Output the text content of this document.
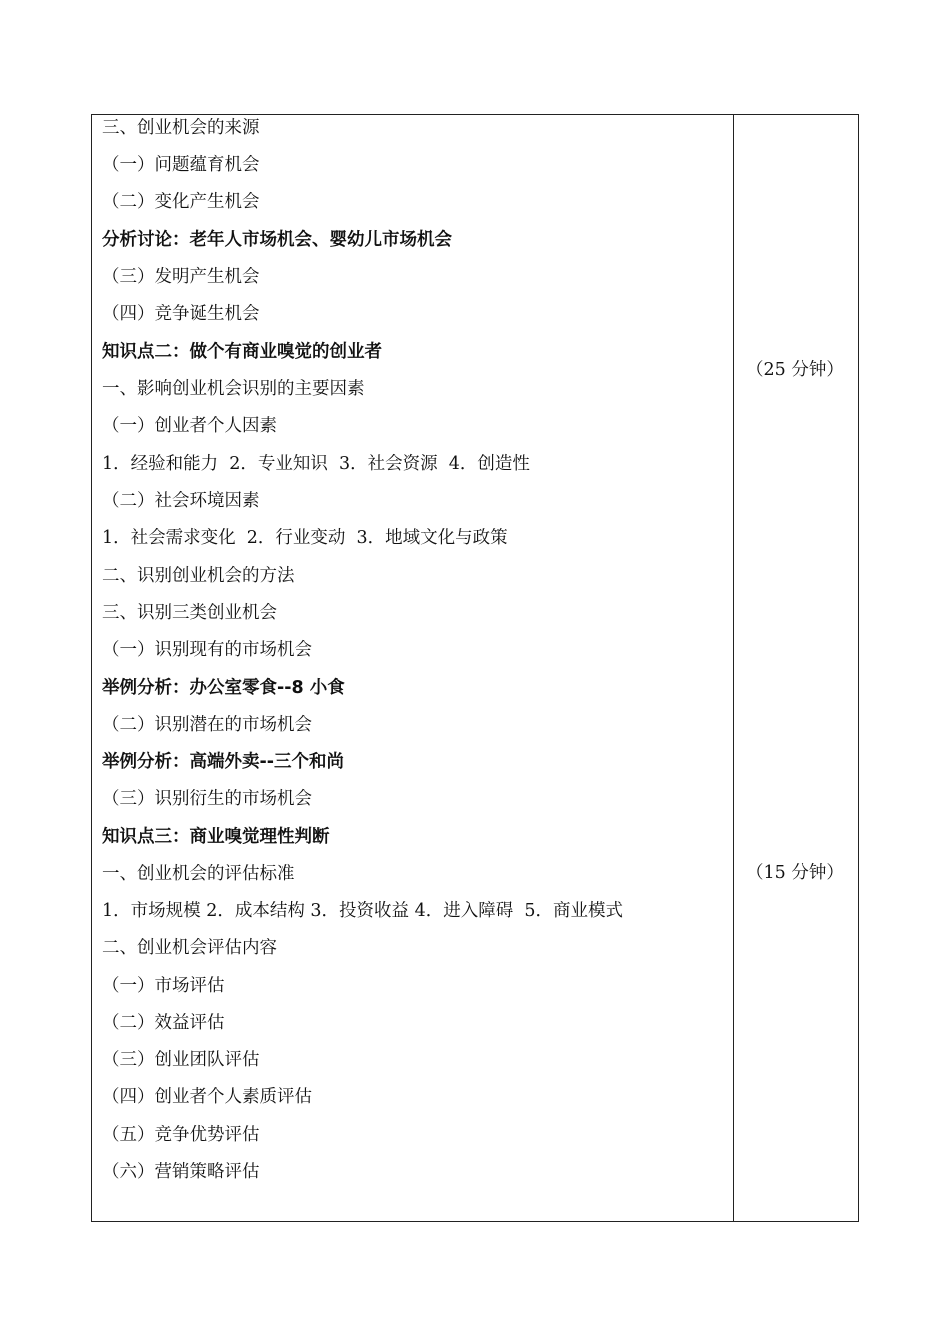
三、创业机会的来源
（一）问题蕴育机会
（二）变化产生机会
分析讨论：老年人市场机会、婴幼儿市场机会
（三）发明产生机会
（四）竞争诞生机会
知识点二：做个有商业嗅觉的创业者
一、影响创业机会识别的主要因素
（一）创业者个人因素
1．经验和能力  2．专业知识  3．社会资源  4．创造性
（二）社会环境因素
1．社会需求变化  2．行业变动  3．地域文化与政策
二、识别创业机会的方法
三、识别三类创业机会
（一）识别现有的市场机会
举例分析：办公室零食--8 小食
（二）识别潜在的市场机会
举例分析：高端外卖--三个和尚
（三）识别衍生的市场机会
知识点三：商业嗅觉理性判断
一、创业机会的评估标准
1．市场规模 2．成本结构 3．投资收益 4．进入障碍  5．商业模式
二、创业机会评估内容
（一）市场评估
（二）效益评估
（三）创业团队评估
（四）创业者个人素质评估
（五）竞争优势评估
（六）营销策略评估
（25 分钟）
（15 分钟）
